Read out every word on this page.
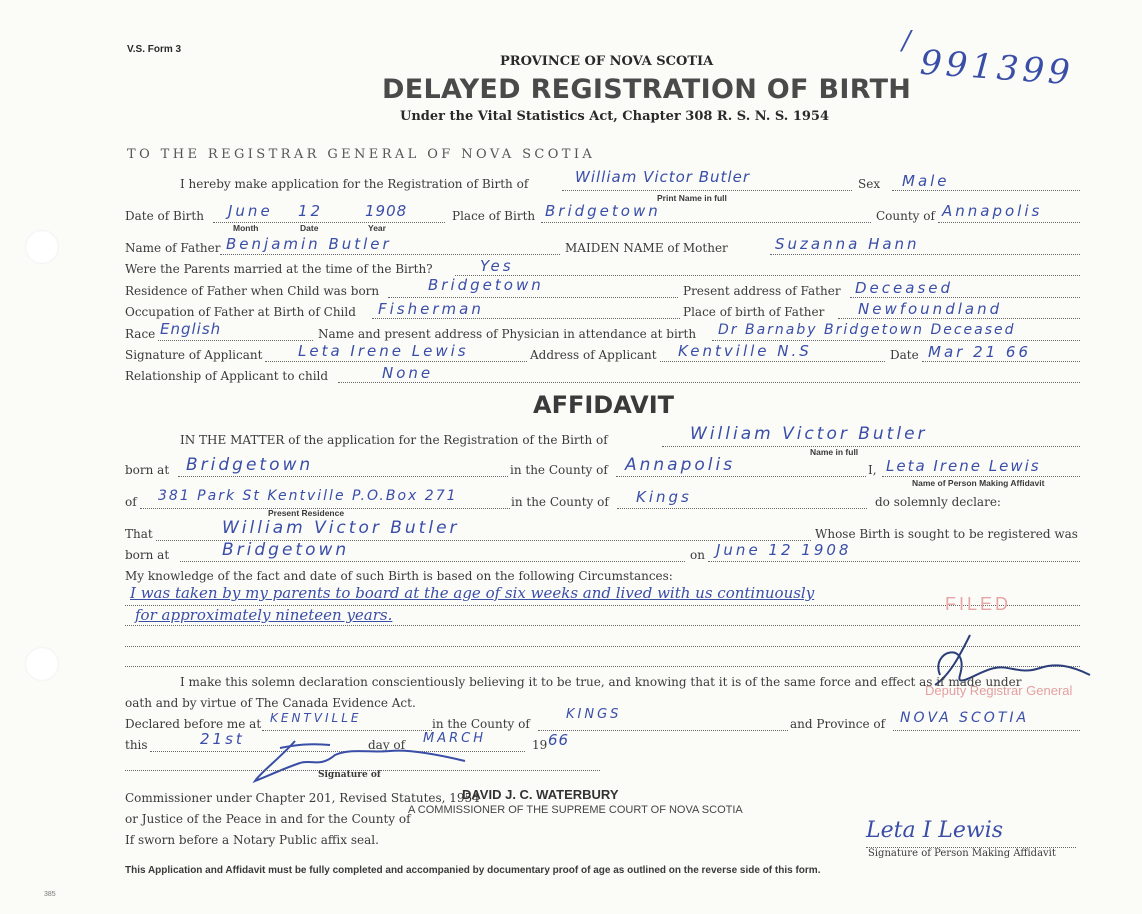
V.S. Form 3
PROVINCE OF NOVA SCOTIA
DELAYED REGISTRATION OF BIRTH
Under the Vital Statistics Act, Chapter 308 R. S. N. S. 1954
991399
/
TO THE REGISTRAR GENERAL OF NOVA SCOTIA
I hereby make application for the Registration of Birth of	William Victor Butler	Sex Male
Print Name in full
Date of Birth June 12	1908
Month	Date	Year
Place of Birth Bridgetown	County of Annapolis
Name of Father Benjamin Butler	MAIDEN NAME of Mother	Suzanna Hann
Were the Parents married at the time of the Birth?	Yes
Residence of Father when Child was born	Bridgetown	Present address of Father Deceased
Occupation of Father at Birth of Child Fisherman	Place of birth of Father Newfoundland
Race English	Name and present address of Physician in attendance at birth Dr Barnaby Bridgetown Deceased
Signature of Applicant Leta Irene Lewis	Address of Applicant Kentville N.S	Date Mar 21 66
Relationship of Applicant to child	None
AFFIDAVIT
IN THE MATTER of the application for the Registration of the Birth of	William Victor Butler
Name in full
born at Bridgetown	in the County of Annapolis	I, Leta Irene Lewis
Name of Person Making Affidavit
of 381 Park St Kentville P.O.Box 271
Present Residence
in the County of Kings	do solemnly declare:
That	William Victor Butler	Whose Birth is sought to be registered was
born at	Bridgetown	on June 12 1908
My knowledge of the fact and date of such Birth is based on the following Circumstances:
I was taken by my parents to board at the age of six weeks and lived with us continuously
for approximately nineteen years.
FILED
Deputy Registrar General
I make this solemn declaration conscientiously believing it to be true, and knowing that it is of the same force and effect as if made under
oath and by virtue of The Canada Evidence Act.
Declared before me at KENTVILLE	in the County of
KINGS
and Province of NOVA SCOTIA
this	21st	day of MARCH	19 66
Signature of
Commissioner under Chapter 201, Revised Statutes, 1954
DAVID J. C. WATERBURY
or Justice of the Peace in and for the County of
A COMMISSIONER OF THE SUPREME COURT OF NOVA SCOTIA
If sworn before a Notary Public affix seal.	Leta I Lewis
Signature of Person Making Affidavit
This Application and Affidavit must be fully completed and accompanied by documentary proof of age as outlined on the reverse side of this form.
385
